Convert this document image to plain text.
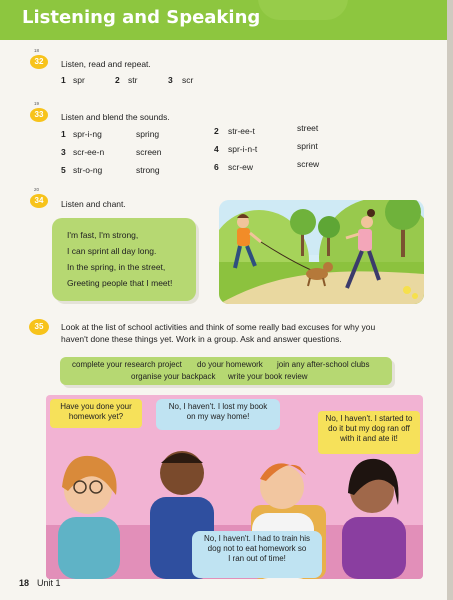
Listening and Speaking
18
32	Listen, read and repeat.
1 spr	2 str	3 scr
19
33	Listen and blend the sounds.
1 spr-i-ng	spring	2 str-ee-t	street
3 scr-ee-n	screen	4 spr-i-n-t	sprint
5 str-o-ng	strong	6 scr-ew	screw
20
34	Listen and chant.
I'm fast, I'm strong,
I can sprint all day long.
In the spring, in the street,
Greeting people that I meet!
35	Look at the list of school activities and think of some really bad excuses for why you
haven't done these things yet. Work in a group. Ask and answer questions.
complete your research project do your homework join any after-school clubs
organise your backpack write your book review
Have you done your
homework yet?
No, I haven't. I lost my book
on my way home!	No, I haven't. I started to
do it but my dog ran off
with it and ate it!
No, I haven't. I had to train his
dog not to eat homework so
I ran out of time!
18 Unit 1
